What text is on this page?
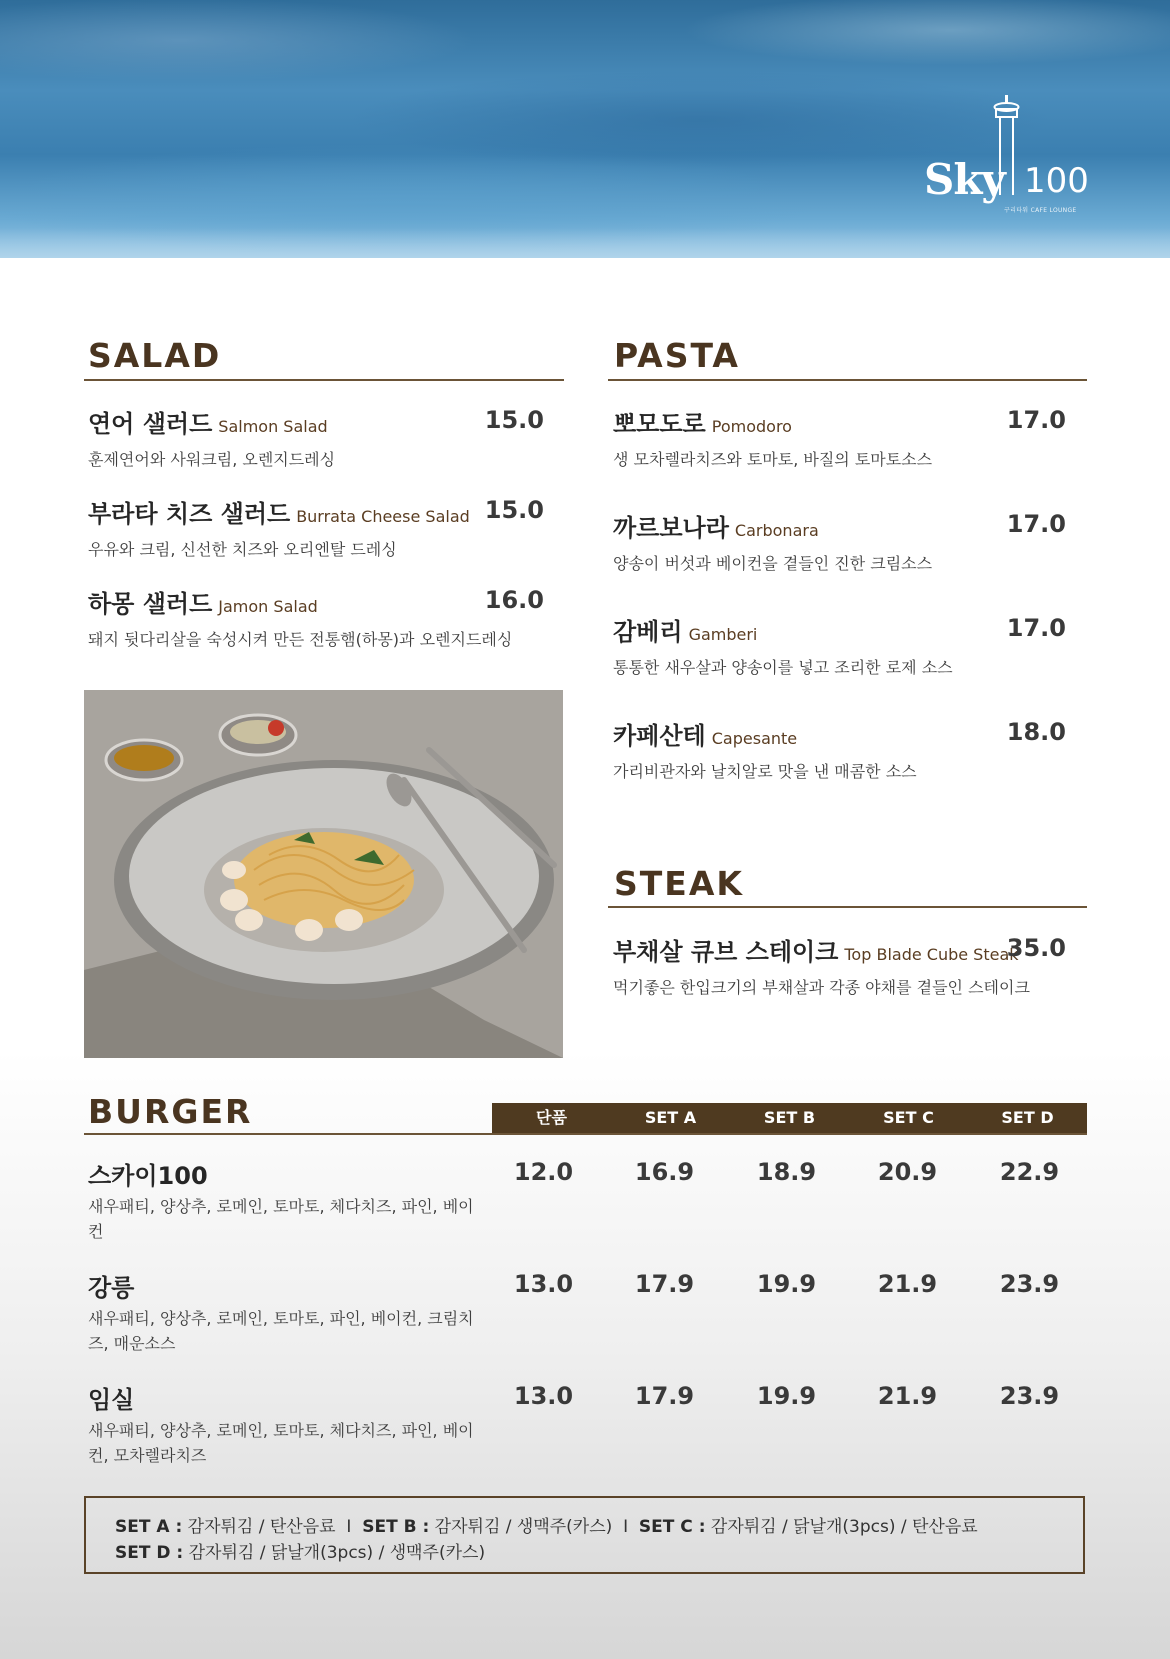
Sky 100
구리타워 CAFE LOUNGE
SALAD
연어 샐러드 Salmon Salad
훈제연어와 사워크림, 오렌지드레싱
15.0
부라타 치즈 샐러드 Burrata Cheese Salad
우유와 크림, 신선한 치즈와 오리엔탈 드레싱
15.0
하몽 샐러드 Jamon Salad
돼지 뒷다리살을 숙성시켜 만든 전통햄(하몽)과 오렌지드레싱
16.0
PASTA
뽀모도로 Pomodoro
생 모차렐라치즈와 토마토, 바질의 토마토소스
17.0
까르보나라 Carbonara
양송이 버섯과 베이컨을 곁들인 진한 크림소스
17.0
감베리 Gamberi
통통한 새우살과 양송이를 넣고 조리한 로제 소스
17.0
카페산테 Capesante
가리비관자와 날치알로 맛을 낸 매콤한 소스
18.0
STEAK
부채살 큐브 스테이크 Top Blade Cube Steak
먹기좋은 한입크기의 부채살과 각종 야채를 곁들인 스테이크
35.0
BURGER	단품	SET A	SET B	SET C	SET D
스카이100
새우패티, 양상추, 로메인, 토마토, 체다치즈, 파인, 베이컨
12.0	16.9	18.9	20.9	22.9
강릉
새우패티, 양상추, 로메인, 토마토, 파인, 베이컨, 크림치즈, 매운소스
13.0	17.9	19.9	21.9	23.9
임실
새우패티, 양상추, 로메인, 토마토, 체다치즈, 파인, 베이컨, 모차렐라치즈
13.0	17.9	19.9	21.9	23.9
SET A : 감자튀김 / 탄산음료 I SET B : 감자튀김 / 생맥주(카스) I SET C : 감자튀김 / 닭날개(3pcs) / 탄산음료
SET D : 감자튀김 / 닭날개(3pcs) / 생맥주(카스)
